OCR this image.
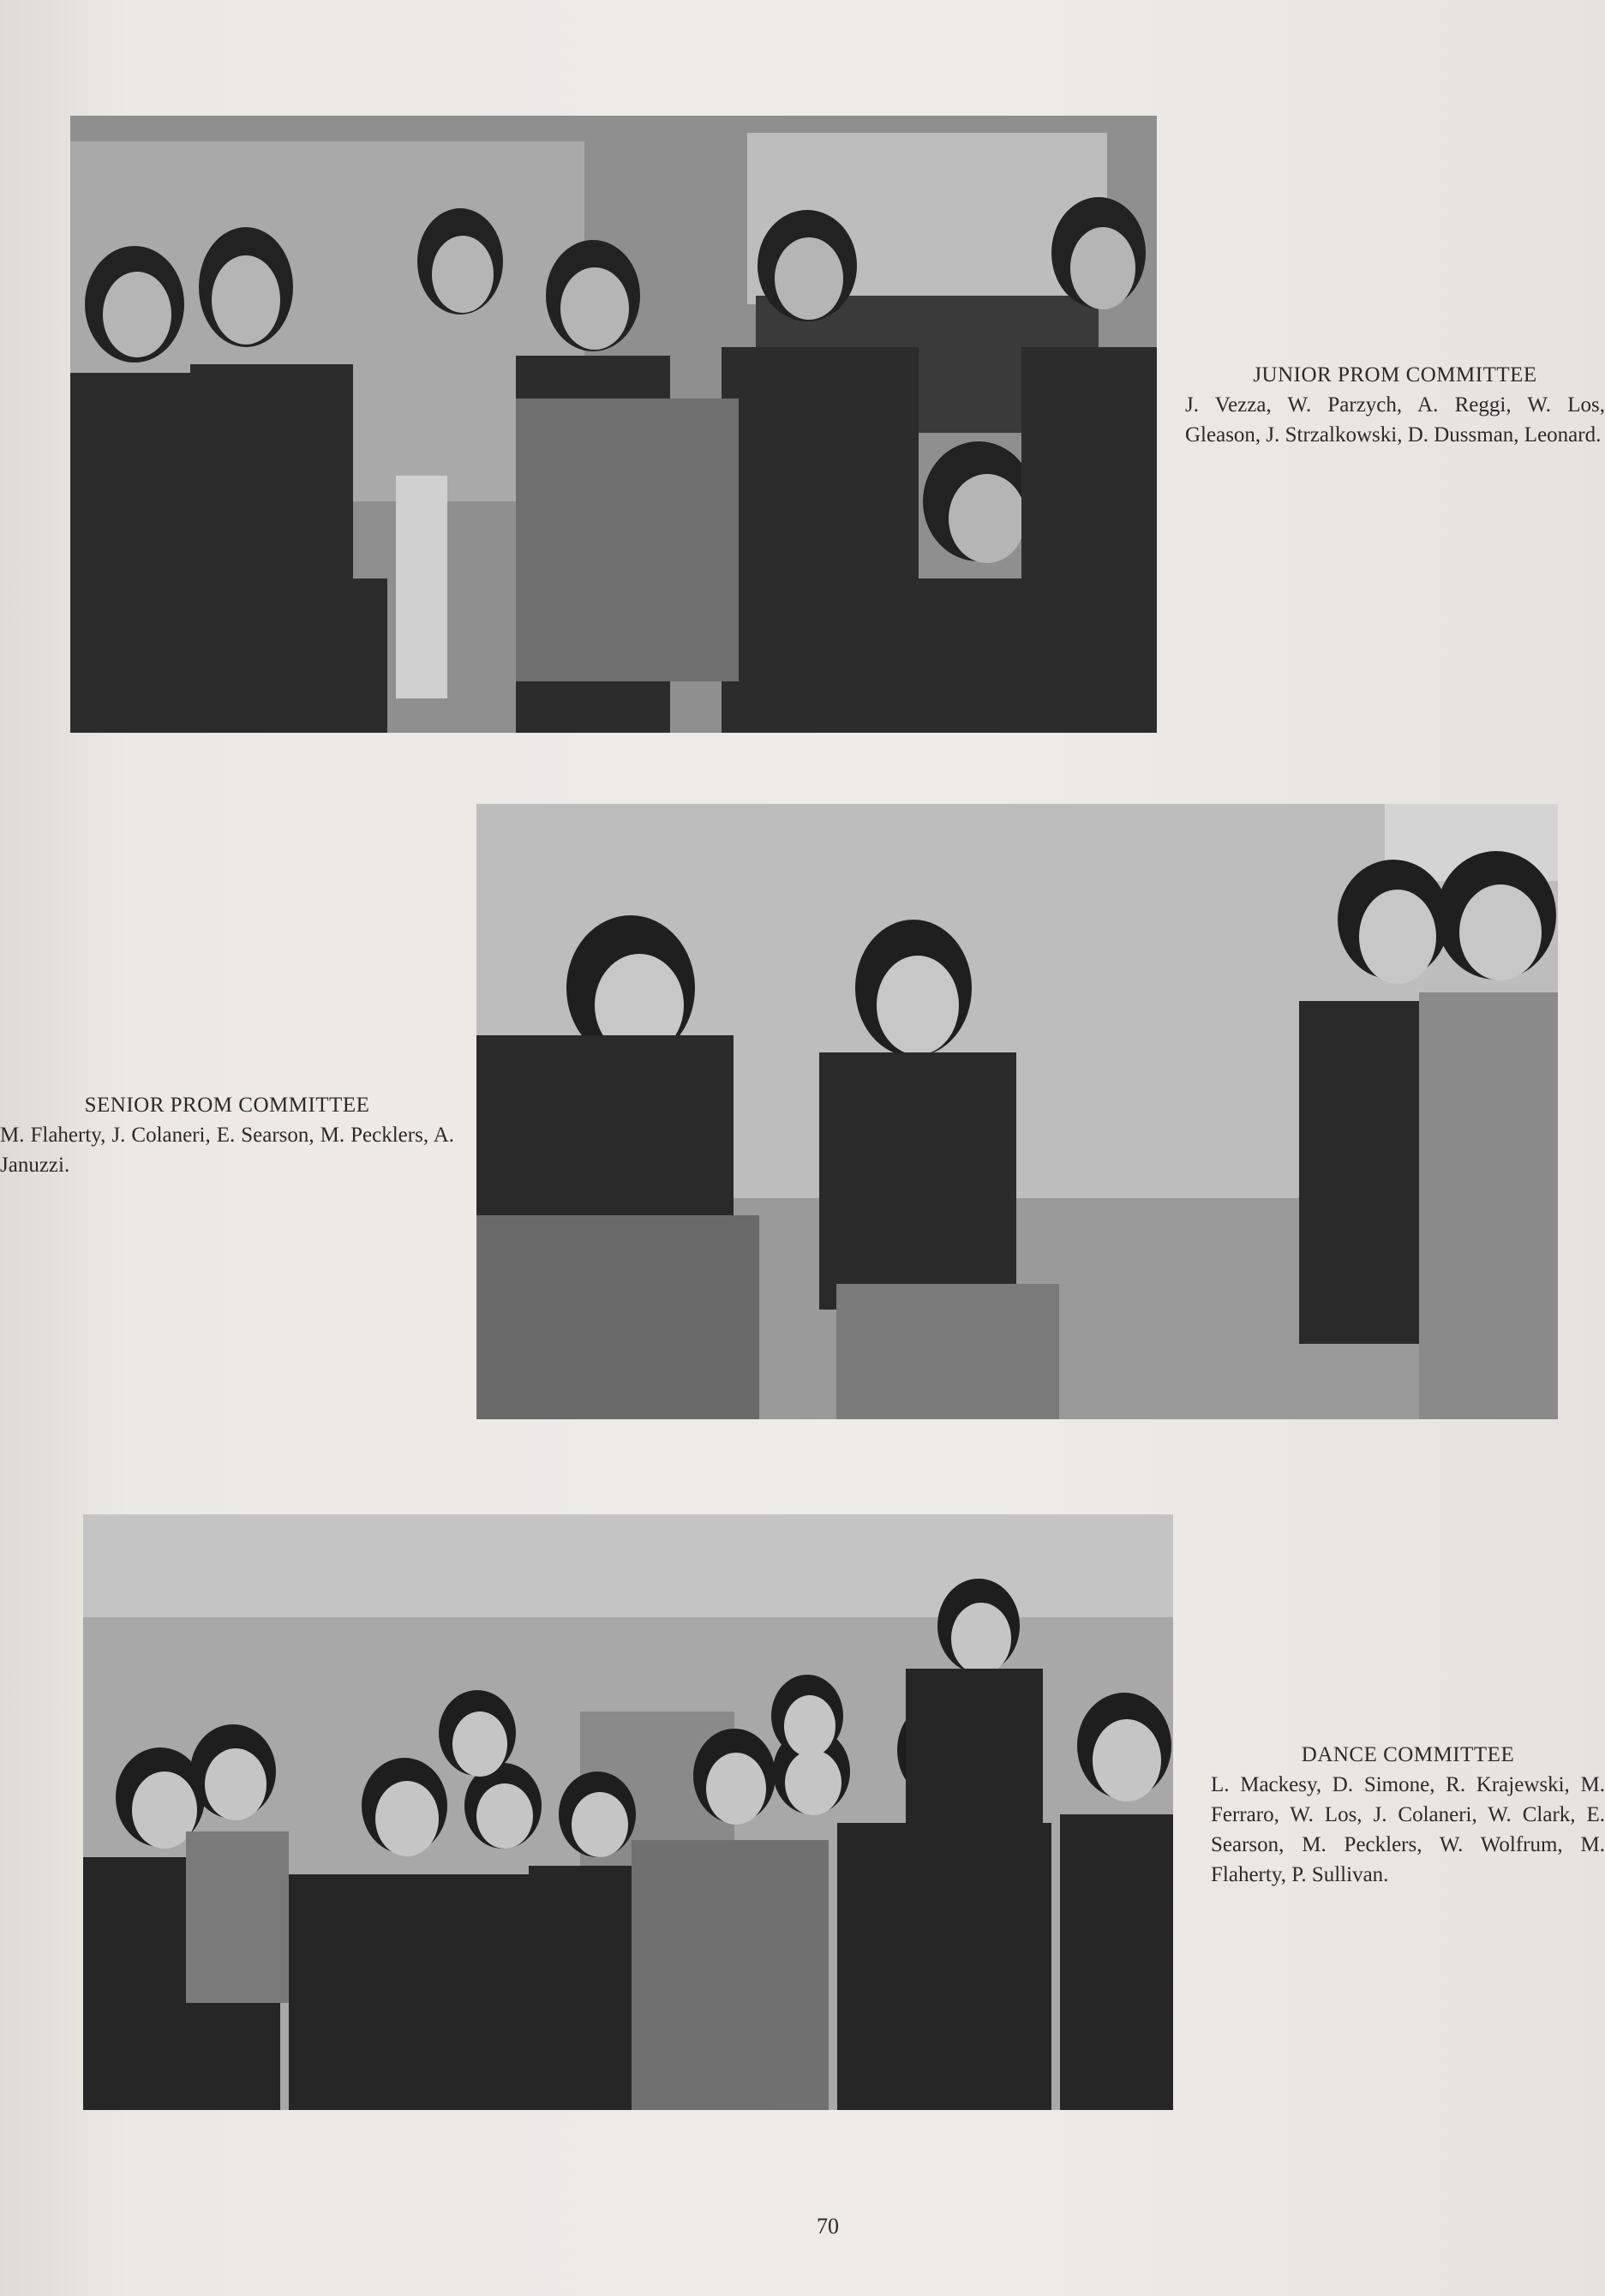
JUNIOR PROM COMMITTEE
J. Vezza, W. Parzych, A. Reggi, W. Los, Gleason, J. Strzalkowski, D. Dussman, Leonard.
SENIOR PROM COMMITTEE
M. Flaherty, J. Colaneri, E. Searson, M. Pecklers, A. Januzzi.
DANCE COMMITTEE
L. Mackesy, D. Simone, R. Krajewski, M. Ferraro, W. Los, J. Colaneri, W. Clark, E. Searson, M. Pecklers, W. Wolfrum, M. Flaherty, P. Sullivan.
70
